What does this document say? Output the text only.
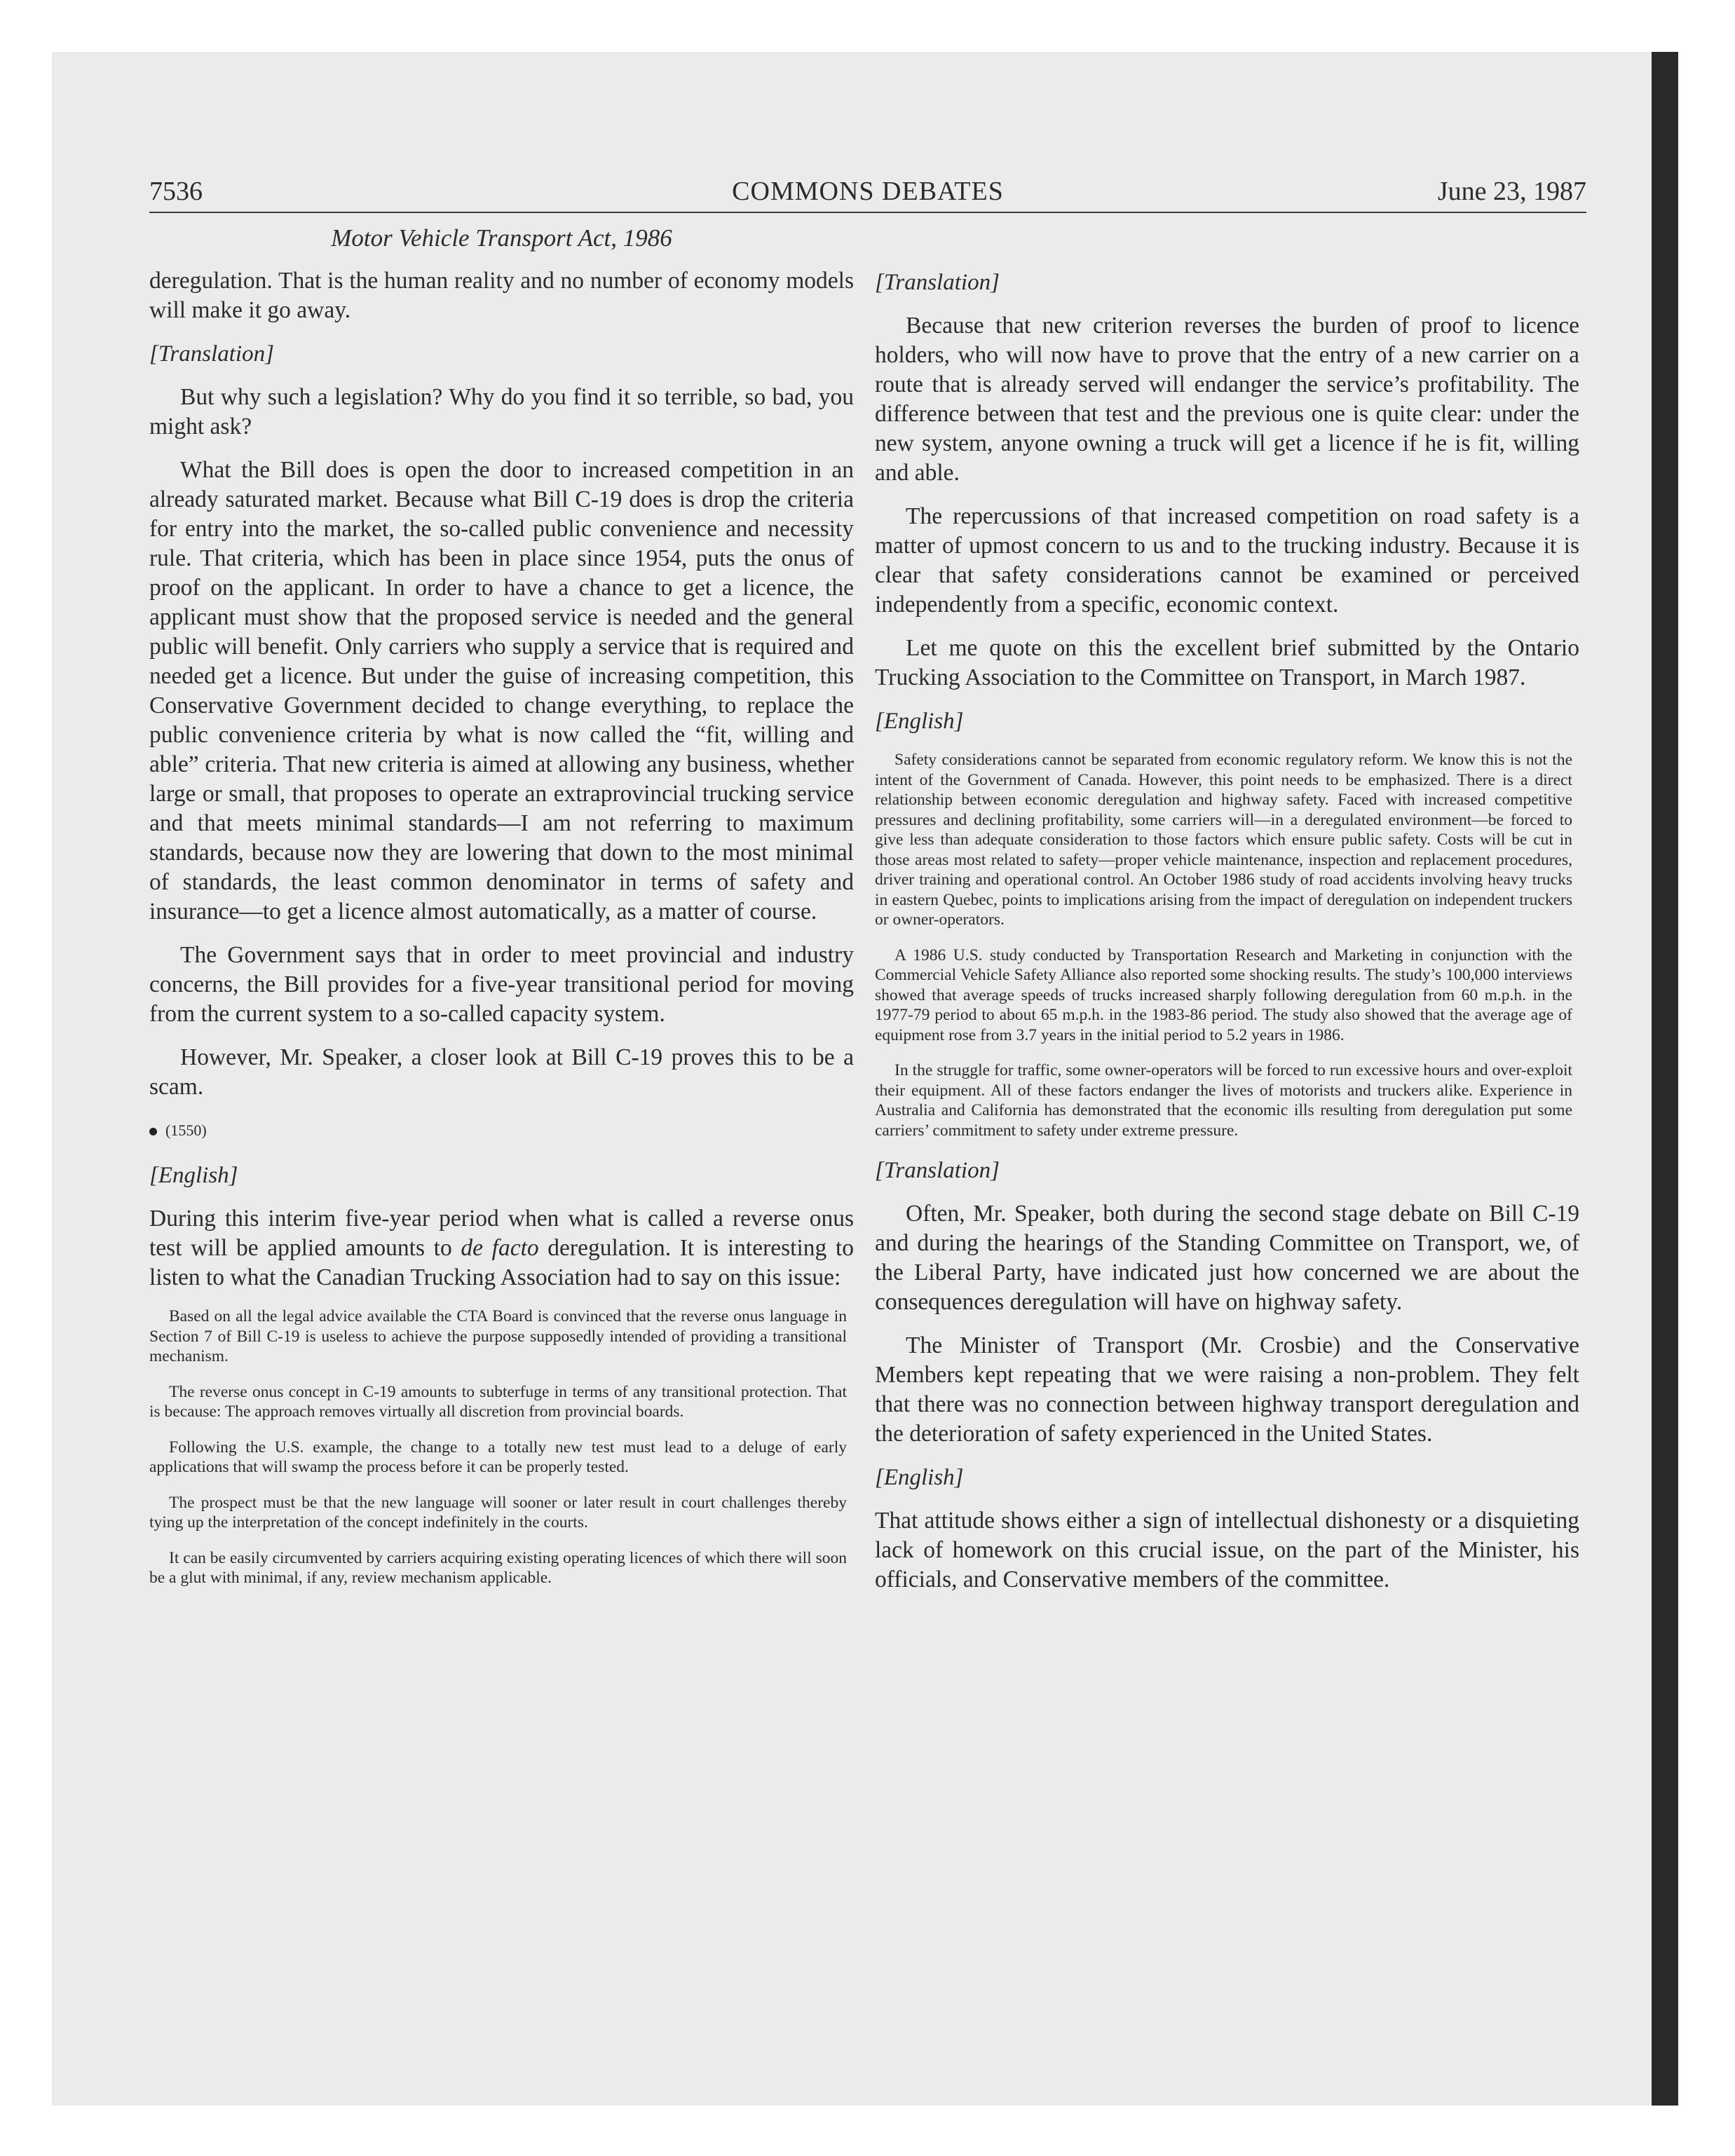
7536	COMMONS DEBATES	June 23, 1987
Motor Vehicle Transport Act, 1986

deregulation. That is the human reality and no number of economy models will make it go away.

[Translation]

But why such a legislation? Why do you find it so terrible, so bad, you might ask?

What the Bill does is open the door to increased competition in an already saturated market. Because what Bill C-19 does is drop the criteria for entry into the market, the so-called public convenience and necessity rule. That criteria, which has been in place since 1954, puts the onus of proof on the applicant. In order to have a chance to get a licence, the applicant must show that the proposed service is needed and the general public will benefit. Only carriers who supply a service that is required and needed get a licence. But under the guise of increasing competition, this Conservative Government decided to change everything, to replace the public convenience criteria by what is now called the “fit, willing and able” criteria. That new criteria is aimed at allowing any business, whether large or small, that proposes to operate an extraprovincial trucking service and that meets minimal standards—I am not referring to maximum standards, because now they are lowering that down to the most minimal of standards, the least common denominator in terms of safety and insurance—to get a licence almost automatically, as a matter of course.

The Government says that in order to meet provincial and industry concerns, the Bill provides for a five-year transitional period for moving from the current system to a so-called capacity system.

However, Mr. Speaker, a closer look at Bill C-19 proves this to be a scam.

(1550)

[English]

During this interim five-year period when what is called a reverse onus test will be applied amounts to de facto deregulation. It is interesting to listen to what the Canadian Trucking Association had to say on this issue:

Based on all the legal advice available the CTA Board is convinced that the reverse onus language in Section 7 of Bill C-19 is useless to achieve the purpose supposedly intended of providing a transitional mechanism.

The reverse onus concept in C-19 amounts to subterfuge in terms of any transitional protection. That is because: The approach removes virtually all discretion from provincial boards.

Following the U.S. example, the change to a totally new test must lead to a deluge of early applications that will swamp the process before it can be properly tested.

The prospect must be that the new language will sooner or later result in court challenges thereby tying up the interpretation of the concept indefinitely in the courts.

It can be easily circumvented by carriers acquiring existing operating licences of which there will soon be a glut with minimal, if any, review mechanism applicable.

[Translation]

Because that new criterion reverses the burden of proof to licence holders, who will now have to prove that the entry of a new carrier on a route that is already served will endanger the service’s profitability. The difference between that test and the previous one is quite clear: under the new system, anyone owning a truck will get a licence if he is fit, willing and able.

The repercussions of that increased competition on road safety is a matter of upmost concern to us and to the trucking industry. Because it is clear that safety considerations cannot be examined or perceived independently from a specific, economic context.

Let me quote on this the excellent brief submitted by the Ontario Trucking Association to the Committee on Transport, in March 1987.

[English]

Safety considerations cannot be separated from economic regulatory reform. We know this is not the intent of the Government of Canada. However, this point needs to be emphasized. There is a direct relationship between economic deregulation and highway safety. Faced with increased competitive pressures and declining profitability, some carriers will—in a deregulated environment—be forced to give less than adequate consideration to those factors which ensure public safety. Costs will be cut in those areas most related to safety—proper vehicle maintenance, inspection and replacement procedures, driver training and operational control. An October 1986 study of road accidents involving heavy trucks in eastern Quebec, points to implications arising from the impact of deregulation on independent truckers or owner-operators.

A 1986 U.S. study conducted by Transportation Research and Marketing in conjunction with the Commercial Vehicle Safety Alliance also reported some shocking results. The study’s 100,000 interviews showed that average speeds of trucks increased sharply following deregulation from 60 m.p.h. in the 1977-79 period to about 65 m.p.h. in the 1983-86 period. The study also showed that the average age of equipment rose from 3.7 years in the initial period to 5.2 years in 1986.

In the struggle for traffic, some owner-operators will be forced to run excessive hours and over-exploit their equipment. All of these factors endanger the lives of motorists and truckers alike. Experience in Australia and California has demonstrated that the economic ills resulting from deregulation put some carriers’ commitment to safety under extreme pressure.

[Translation]

Often, Mr. Speaker, both during the second stage debate on Bill C-19 and during the hearings of the Standing Committee on Transport, we, of the Liberal Party, have indicated just how concerned we are about the consequences deregulation will have on highway safety.

The Minister of Transport (Mr. Crosbie) and the Conservative Members kept repeating that we were raising a non-problem. They felt that there was no connection between highway transport deregulation and the deterioration of safety experienced in the United States.

[English]

That attitude shows either a sign of intellectual dishonesty or a disquieting lack of homework on this crucial issue, on the part of the Minister, his officials, and Conservative members of the committee.
